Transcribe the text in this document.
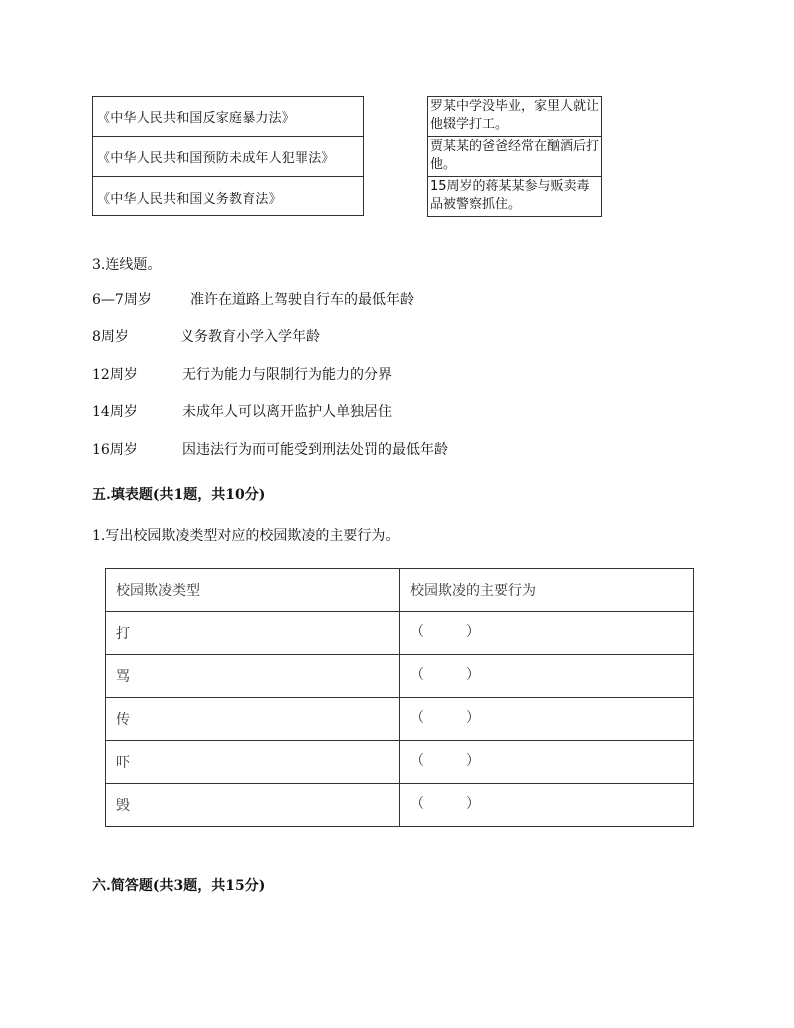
《中华人民共和国反家庭暴力法》
《中华人民共和国预防未成年人犯罪法》
《中华人民共和国义务教育法》
罗某中学没毕业，家里人就让他辍学打工。
贾某某的爸爸经常在酗酒后打他。
15周岁的蒋某某参与贩卖毒品被警察抓住。
3.连线题。
6—7周岁	准许在道路上驾驶自行车的最低年龄
8周岁	义务教育小学入学年龄
12周岁	无行为能力与限制行为能力的分界
14周岁	未成年人可以离开监护人单独居住
16周岁	因违法行为而可能受到刑法处罚的最低年龄
五.填表题(共1题，共10分)
1.写出校园欺凌类型对应的校园欺凌的主要行为。
校园欺凌类型	校园欺凌的主要行为
打	（ ）

骂	（ ）

传	（ ）

吓	（ ）

毁	（ ）
六.简答题(共3题，共15分)
